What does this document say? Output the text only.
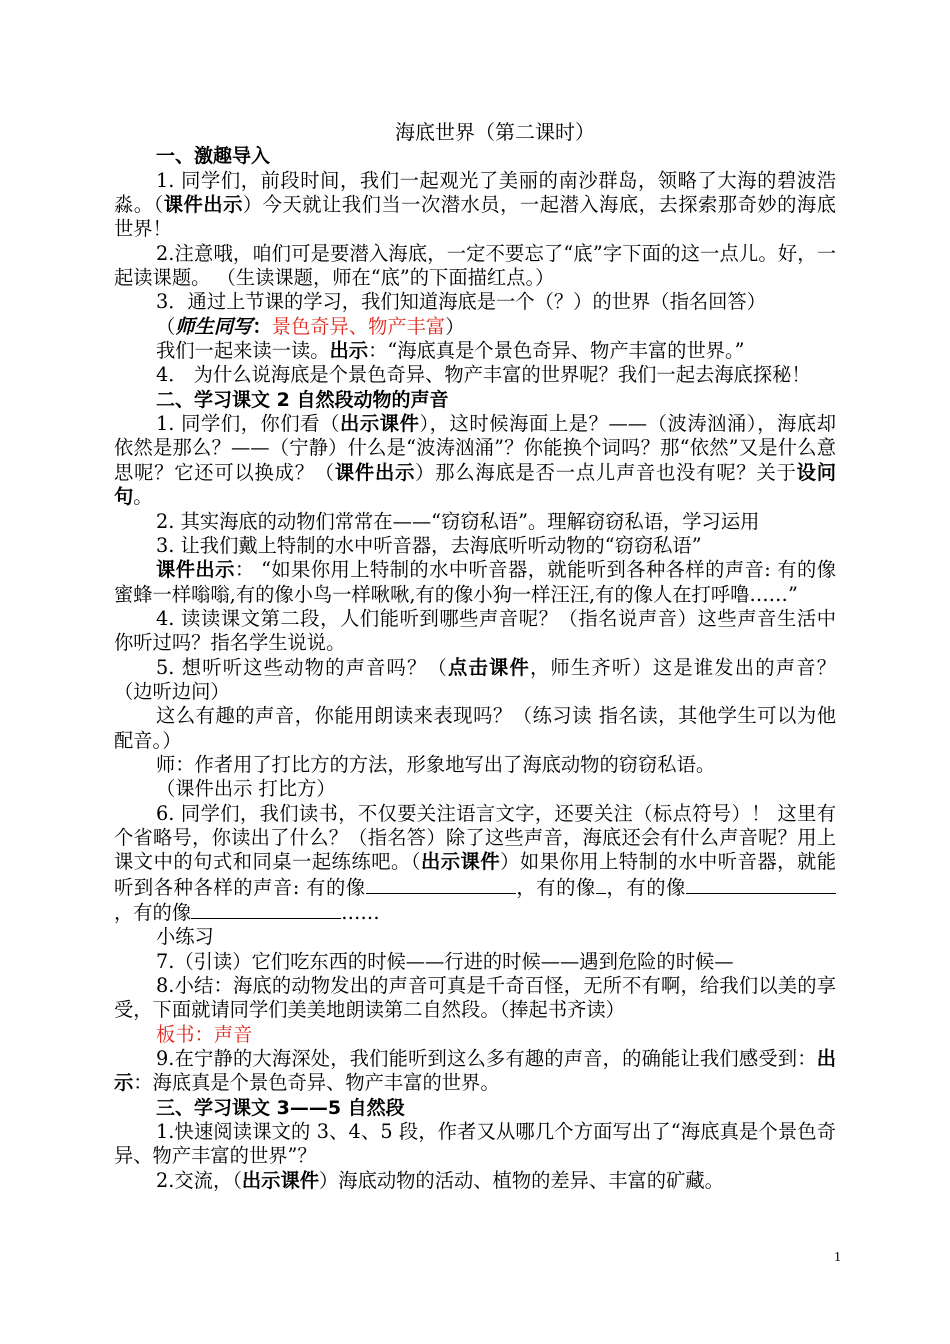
海底世界（第二课时）

一、激趣导入

1. 同学们，前段时间，我们一起观光了美丽的南沙群岛，领略了大海的碧波浩淼。（课件出示）今天就让我们当一次潜水员，一起潜入海底，去探索那奇妙的海底世界！

2.注意哦，咱们可是要潜入海底，一定不要忘了“底”字下面的这一点儿。好，一起读课题。 （生读课题，师在“底”的下面描红点。）

3．通过上节课的学习，我们知道海底是一个（？）的世界（指名回答）

（师生同写：景色奇异、物产丰富）

我们一起来读一读。出示：“海底真是个景色奇异、物产丰富的世界。”

4． 为什么说海底是个景色奇异、物产丰富的世界呢？我们一起去海底探秘！

二、学习课文 2 自然段动物的声音

1. 同学们，你们看（出示课件），这时候海面上是？——（波涛汹涌），海底却依然是那么？——（宁静）什么是“波涛汹涌”？你能换个词吗？那“依然”又是什么意思呢？它还可以换成？（课件出示）那么海底是否一点儿声音也没有呢？关于设问句。

2. 其实海底的动物们常常在——“窃窃私语”。理解窃窃私语，学习运用

3. 让我们戴上特制的水中听音器，去海底听听动物的“窃窃私语”

课件出示： “如果你用上特制的水中听音器，就能听到各种各样的声音: 有的像蜜蜂一样嗡嗡,有的像小鸟一样啾啾,有的像小狗一样汪汪,有的像人在打呼噜……”

4. 读读课文第二段，人们能听到哪些声音呢？（指名说声音）这些声音生活中你听过吗？指名学生说说。

5. 想听听这些动物的声音吗？（点击课件，师生齐听）这是谁发出的声音？（边听边问）

这么有趣的声音，你能用朗读来表现吗？（练习读 指名读，其他学生可以为他配音。）

师：作者用了打比方的方法，形象地写出了海底动物的窃窃私语。

（课件出示 打比方）

6. 同学们，我们读书，不仅要关注语言文字，还要关注（标点符号）！ 这里有个省略号，你读出了什么？（指名答）除了这些声音，海底还会有什么声音呢？用上课文中的句式和同桌一起练练吧。（出示课件）如果你用上特制的水中听音器，就能听到各种各样的声音: 有的像	，有的像 ，有的像，有的像	……

小练习

7.（引读）它们吃东西的时候——行进的时候——遇到危险的时候—

8.小结：海底的动物发出的声音可真是千奇百怪，无所不有啊，给我们以美的享受，下面就请同学们美美地朗读第二自然段。（捧起书齐读）

板书：声音

9.在宁静的大海深处，我们能听到这么多有趣的声音，的确能让我们感受到：出示：海底真是个景色奇异、物产丰富的世界。

三、学习课文 3——5 自然段

1.快速阅读课文的 3、4、5 段，作者又从哪几个方面写出了“海底真是个景色奇异、物产丰富的世界”？

2.交流，（出示课件）海底动物的活动、植物的差异、丰富的矿藏。

1
